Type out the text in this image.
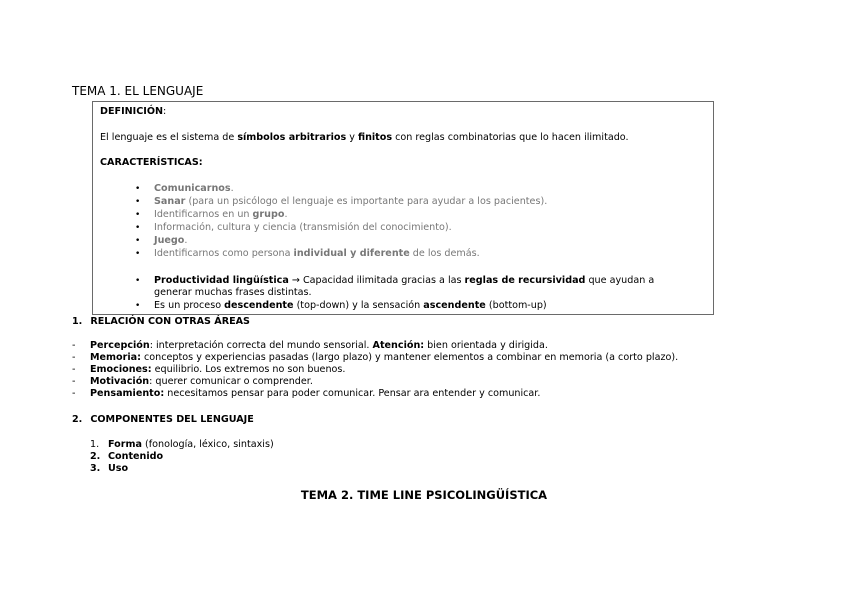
TEMA 1. EL LENGUAJE
DEFINICIÓN:
El lenguaje es el sistema de símbolos arbitrarios y finitos con reglas combinatorias que lo hacen ilimitado.
CARACTERÍSTICAS:
• Comunicarnos.
• Sanar (para un psicólogo el lenguaje es importante para ayudar a los pacientes).
• Identificarnos en un grupo.
• Información, cultura y ciencia (transmisión del conocimiento).
• Juego.
• Identificarnos como persona individual y diferente de los demás.
• Productividad lingüística → Capacidad ilimitada gracias a las reglas de recursividad que ayudan a
generar muchas frases distintas.
• Es un proceso descendente (top-down) y la sensación ascendente (bottom-up)
1. RELACIÓN CON OTRAS ÁREAS
- Percepción: interpretación correcta del mundo sensorial. Atención: bien orientada y dirigida.
- Memoria: conceptos y experiencias pasadas (largo plazo) y mantener elementos a combinar en memoria (a corto plazo).
- Emociones: equilibrio. Los extremos no son buenos.
- Motivación: querer comunicar o comprender.
- Pensamiento: necesitamos pensar para poder comunicar. Pensar ara entender y comunicar.
2. COMPONENTES DEL LENGUAJE
1. Forma (fonología, léxico, sintaxis)
2. Contenido
3. Uso
TEMA 2. TIME LINE PSICOLINGÜÍSTICA
